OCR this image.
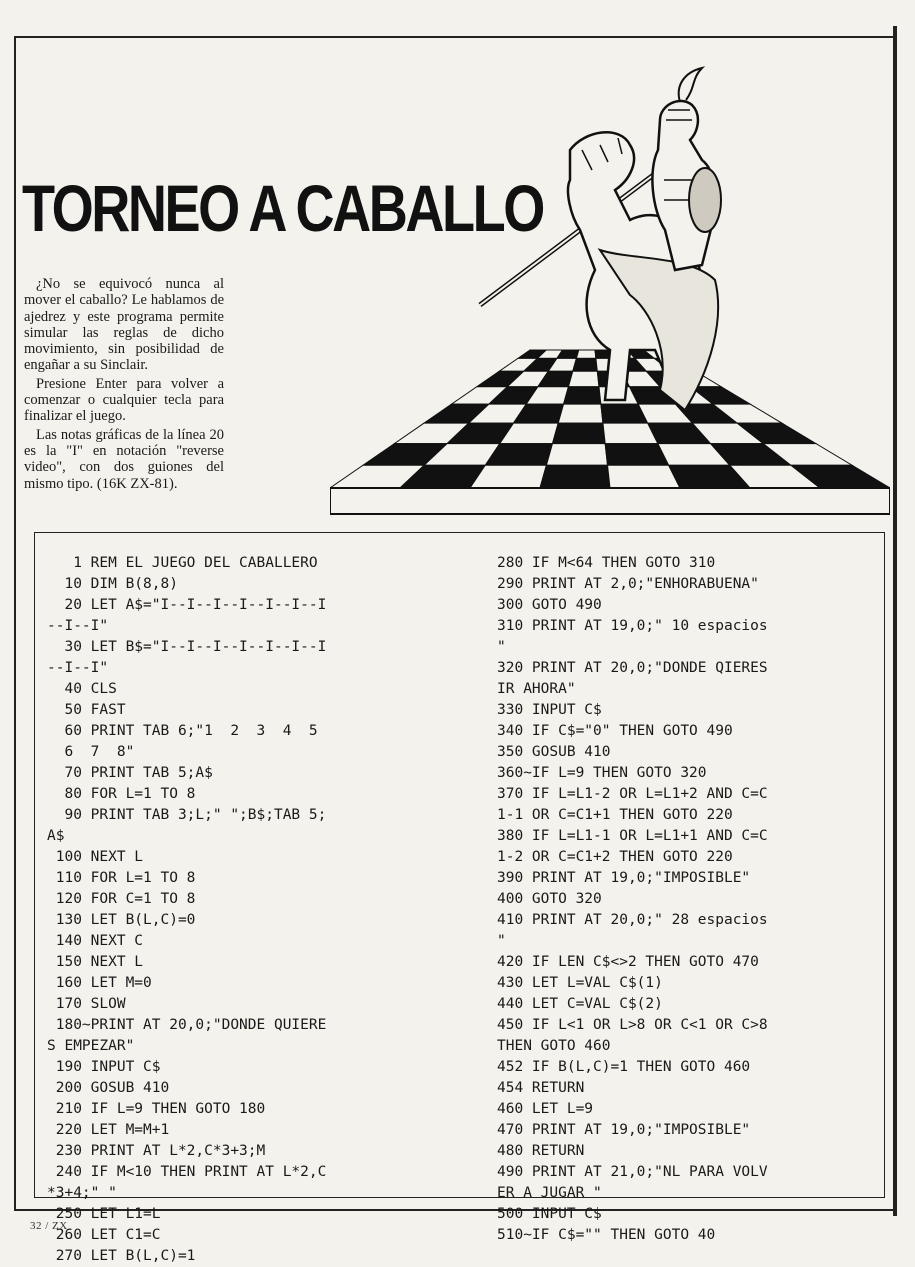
TORNEO A CABALLO

¿No se equivocó nunca al mover el caballo? Le hablamos de ajedrez y este programa permite simular las reglas de dicho movimiento, sin posibilidad de engañar a su Sinclair.

Presione Enter para volver a comenzar o cualquier tecla para finalizar el juego.

Las notas gráficas de la línea 20 es la "I" en notación "reverse video", con dos guiones del mismo tipo. (16K ZX-81).

1 REM EL JUEGO DEL CABALLERO
10 DIM B(8,8)
20 LET A$="I--I--I--I--I--I--I
--I--I"
30 LET B$="I--I--I--I--I--I--I
--I--I"
40 CLS
50 FAST
60 PRINT TAB 6;"1  2  3  4  5
6  7  8"
70 PRINT TAB 5;A$
80 FOR L=1 TO 8
90 PRINT TAB 3;L;" ";B$;TAB 5;
A$
100 NEXT L
110 FOR L=1 TO 8
120 FOR C=1 TO 8
130 LET B(L,C)=0
140 NEXT C
150 NEXT L
160 LET M=0
170 SLOW
180~PRINT AT 20,0;"DONDE QUIERE
S EMPEZAR"
190 INPUT C$
200 GOSUB 410
210 IF L=9 THEN GOTO 180
220 LET M=M+1
230 PRINT AT L*2,C*3+3;M
240 IF M<10 THEN PRINT AT L*2,C
*3+4;" "
250 LET L1=L
260 LET C1=C
270 LET B(L,C)=1
280 IF M<64 THEN GOTO 310
290 PRINT AT 2,0;"ENHORABUENA"
300 GOTO 490
310 PRINT AT 19,0;" 10 espacios
"
320 PRINT AT 20,0;"DONDE QIERES
IR AHORA"
330 INPUT C$
340 IF C$="0" THEN GOTO 490
350 GOSUB 410
360~IF L=9 THEN GOTO 320
370 IF L=L1-2 OR L=L1+2 AND C=C
1-1 OR C=C1+1 THEN GOTO 220
380 IF L=L1-1 OR L=L1+1 AND C=C
1-2 OR C=C1+2 THEN GOTO 220
390 PRINT AT 19,0;"IMPOSIBLE"
400 GOTO 320
410 PRINT AT 20,0;" 28 espacios
"
420 IF LEN C$<>2 THEN GOTO 470
430 LET L=VAL C$(1)
440 LET C=VAL C$(2)
450 IF L<1 OR L>8 OR C<1 OR C>8
THEN GOTO 460
452 IF B(L,C)=1 THEN GOTO 460
454 RETURN
460 LET L=9
470 PRINT AT 19,0;"IMPOSIBLE"
480 RETURN
490 PRINT AT 21,0;"NL PARA VOLV
ER A JUGAR "
500 INPUT C$
510~IF C$="" THEN GOTO 40
32 / ZX
